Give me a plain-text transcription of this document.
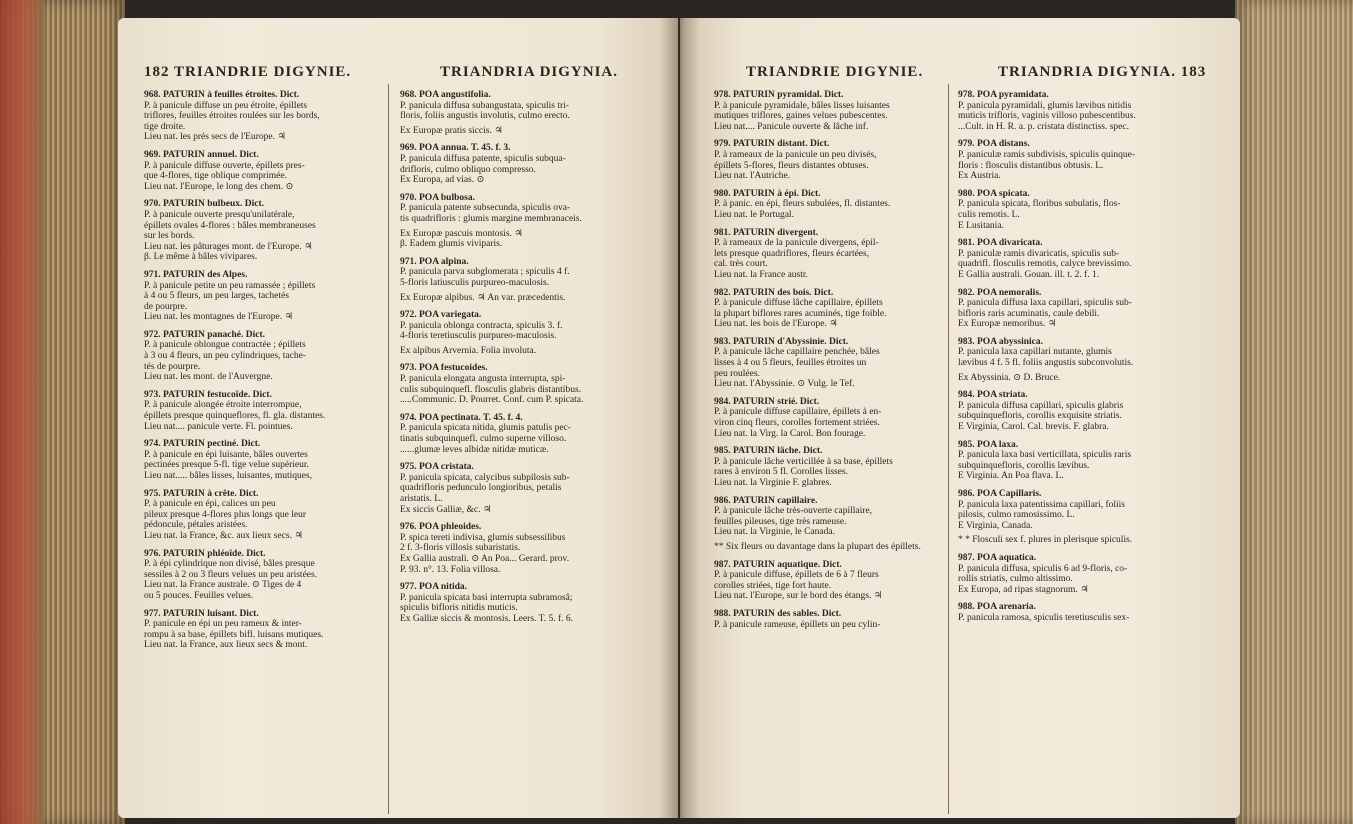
182 TRIANDRIE DIGYNIE.	TRIANDRIA DIGYNIA.
968. PATURIN à feuilles étroites. Dict.
P. à panicule diffuse un peu étroite, épillets
triflores, feuilles étroites roulées sur les bords,
tige droite.
Lieu nat. les prés secs de l'Europe. ♃
969. PATURIN annuel. Dict.
P. à panicule diffuse ouverte, épillets pres-
que 4-flores, tige oblique comprimée.
Lieu nat. l'Europe, le long des chem. ⊙
970. PATURIN bulbeux. Dict.
P. à panicule ouverte presqu'unilatérale,
épillets ovales 4-flores : bâles membraneuses
sur les bords.
Lieu nat. les pâturages mont. de l'Europe. ♃
β. Le même à bâles vivipares.
971. PATURIN des Alpes.
P. à panicule petite un peu ramassée ; épillets
à 4 ou 5 fleurs, un peu larges, tachetés
de pourpre.
Lieu nat. les montagnes de l'Europe. ♃
972. PATURIN panaché. Dict.
P. à panicule oblongue contractée ; épillets
à 3 ou 4 fleurs, un peu cylindriques, tache-
tés de pourpre.
Lieu nat. les mont. de l'Auvergne.
973. PATURIN festucoïde. Dict.
P. à panicule alongée étroite interrompue,
épillets presque quinqueflores, fl. gla. distantes.
Lieu nat.... panicule verte. Fl. pointues.
974. PATURIN pectiné. Dict.
P. à panicule en épi luisante, bâles ouvertes
pectinées presque 5-fl. tige velue supérieur.
Lieu nat..... bâles lisses, luisantes, mutiques,
975. PATURIN à crête. Dict.
P. à panicule en épi, calices un peu
pileux presque 4-flores plus longs que leur
pédoncule, pétales aristées.
Lieu nat. la France, &c. aux lieux secs. ♃
976. PATURIN phléoïde. Dict.
P. à épi cylindrique non divisé, bâles presque
sessiles à 2 ou 3 fleurs velues un peu aristées.
Lieu nat. la France australe. ⊙ Tiges de 4
ou 5 pouces. Feuilles velues.
977. PATURIN luisant. Dict.
P. panicule en épi un peu rameux & inter-
rompu à sa base, épillets bifl. luisans mutiques.
Lieu nat. la France, aux lieux secs & mont.
968. POA angustifolia.
P. panicula diffusa subangustata, spiculis tri-
floris, foliis angustis involutis, culmo erecto.
Ex Europæ pratis siccis. ♃
969. POA annua. T. 45. f. 3.
P. panicula diffusa patente, spiculis subqua-
drifloris, culmo obliquo compresso.
Ex Europa, ad vias. ⊙
970. POA bulbosa.
P. panicula patente subsecunda, spiculis ova-
tis quadrifloris : glumis margine membranaceis.
Ex Europæ pascuis montosis. ♃
β. Eadem glumis viviparis.
971. POA alpina.
P. panicula parva subglomerata ; spiculis 4 f.
5-floris latiusculis purpureo-maculosis.
Ex Europæ alpibus. ♃ An var. præcedentis.
972. POA variegata.
P. panicula oblonga contracta, spiculis 3. f.
4-floris teretiusculis purpureo-maculosis.
Ex alpibus Arvernia. Folia involuta.
973. POA festucoides.
P. panicula elongata angusta interrupta, spi-
culis subquinquefl. flosculis glabris distantibus.
.....Communic. D. Pourret. Conf. cum P. spicata.
974. POA pectinata. T. 45. f. 4.
P. panicula spicata nitida, glumis patulis pec-
tinatis subquinquefl. culmo superne villoso.
......glumæ leves albidæ nitidæ muticæ.
975. POA cristata.
P. panicula spicata, calycibus subpilosis sub-
quadrifloris pedunculo longioribus, petalis
aristatis. L.
Ex siccis Galliæ, &c. ♃
976. POA phleoides.
P. spica tereti indivisa, glumis subsessilibus
2 f. 3-floris villosis subaristatis.
Ex Gallia australi. ⊙ An Poa... Gerard. prov.
P. 93. n°. 13. Folia villosa.
977. POA nitida.
P. panicula spicata basi interrupta subramosâ;
spiculis bifloris nitidis muticis.
Ex Galliæ siccis & montosis. Leers. T. 5. f. 6.
TRIANDRIE DIGYNIE.	TRIANDRIA DIGYNIA. 183
978. PATURIN pyramidal. Dict.
P. à panicule pyramidale, bâles lisses luisantes
mutiques triflores, gaines velues pubescentes.
Lieu nat.... Panicule ouverte & lâche inf.
979. PATURIN distant. Dict.
P. à rameaux de la panicule un peu divisés,
épillets 5-flores, fleurs distantes obtuses.
Lieu nat. l'Autriche.
980. PATURIN à épi. Dict.
P. à panic. en épi, fleurs subulées, fl. distantes.
Lieu nat. le Portugal.
981. PATURIN divergent.
P. à rameaux de la panicule divergens, épil-
lets presque quadriflores, fleurs écartées,
cal. très court.
Lieu nat. la France austr.
982. PATURIN des bois. Dict.
P. à panicule diffuse lâche capillaire, épillets
la plupart biflores rares acuminés, tige foible.
Lieu nat. les bois de l'Europe. ♃
983. PATURIN d'Abyssinie. Dict.
P. à panicule lâche capillaire penchée, bâles
lisses à 4 ou 5 fleurs, feuilles étroites un
peu roulées.
Lieu nat. l'Abyssinie. ⊙ Vulg. le Tef.
984. PATURIN strié. Dict.
P. à panicule diffuse capillaire, épillets à en-
viron cinq fleurs, corolles fortement striées.
Lieu nat. la Virg. la Carol. Bon fourage.
985. PATURIN lâche. Dict.
P. à panicule lâche verticillée à sa base, épillets
rares à environ 5 fl. Corolles lisses.
Lieu nat. la Virginie F. glabres.
986. PATURIN capillaire.
P. à panicule lâche très-ouverte capillaire,
feuilles pileuses, tige très rameuse.
Lieu nat. la Virginie, le Canada.
** Six fleurs ou davantage dans la plupart des épillets.
987. PATURIN aquatique. Dict.
P. à panicule diffuse, épillets de 6 à 7 fleurs
corolles striées, tige fort haute.
Lieu nat. l'Europe, sur le bord des étangs. ♃
988. PATURIN des sables. Dict.
P. à panicule rameuse, épillets un peu cylin-
978. POA pyramidata.
P. panicula pyramidali, glumis lævibus nitidis
muticis trifloris, vaginis villoso pubescentibus.
...Cult. in H. R. a. p. cristata distinctiss. spec.
979. POA distans.
P. paniculæ ramis subdivisis, spiculis quinque-
floris : flosculis distantibus obtusis. L.
Ex Austria.
980. POA spicata.
P. panicula spicata, floribus subulatis, flos-
culis remotis. L.
E Lusitania.
981. POA divaricata.
P. paniculæ ramis divaricatis, spiculis sub-
quadrifl. flosculis remotis, calyce brevissimo.
E Gallia australi. Gouan. ill. t. 2. f. 1.
982. POA nemoralis.
P. panicula diffusa laxa capillari, spiculis sub-
bifloris raris acuminatis, caule debili.
Ex Europæ nemoribus. ♃
983. POA abyssinica.
P. panicula laxa capillari nutante, glumis
lævibus 4 f. 5 fl. foliis angustis subconvolutis.
Ex Abyssinia. ⊙ D. Bruce.
984. POA striata.
P. panicula diffusa capillari, spiculis glabris
subquinquefloris, corollis exquisite striatis.
E Virginia, Carol. Cal. brevis. F. glabra.
985. POA laxa.
P. panicula laxa basi verticillata, spiculis raris
subquinquefloris, corollis lævibus.
E Virginia. An Poa flava. L.
986. POA Capillaris.
P. panicula laxa patentissima capillari, foliis
pilosis, culmo ramosissimo. L.
E Virginia, Canada.
* * Flosculi sex f. plures in plerisque spiculis.
987. POA aquatica.
P. panicula diffusa, spiculis 6 ad 9-floris, co-
rollis striatis, culmo altissimo.
Ex Europa, ad ripas stagnorum. ♃
988. POA arenaria.
P. panicula ramosa, spiculis teretiusculis sex-
